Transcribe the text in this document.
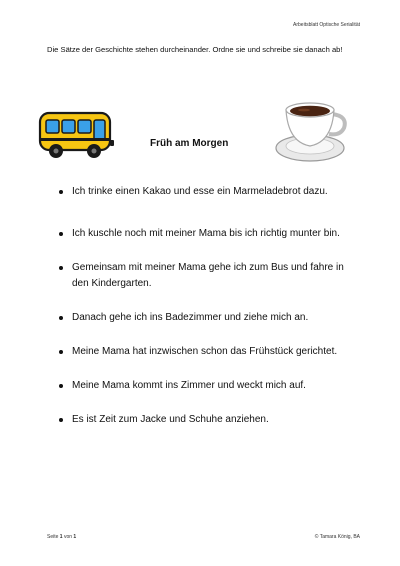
Arbeitsblatt Optische Serialität
Die Sätze der Geschichte stehen durcheinander. Ordne sie und schreibe sie danach ab!
Früh am Morgen
Ich trinke einen Kakao und esse ein Marmeladebrot dazu.
Ich kuschle noch mit meiner Mama bis ich richtig munter bin.
Gemeinsam mit meiner Mama gehe ich zum Bus und fahre in den Kindergarten.
Danach gehe ich ins Badezimmer und ziehe mich an.
Meine Mama hat inzwischen schon das Frühstück gerichtet.
Meine Mama kommt ins Zimmer und weckt mich auf.
Es ist Zeit zum Jacke und Schuhe anziehen.
Seite 1 von 1	© Tamara König, BA
